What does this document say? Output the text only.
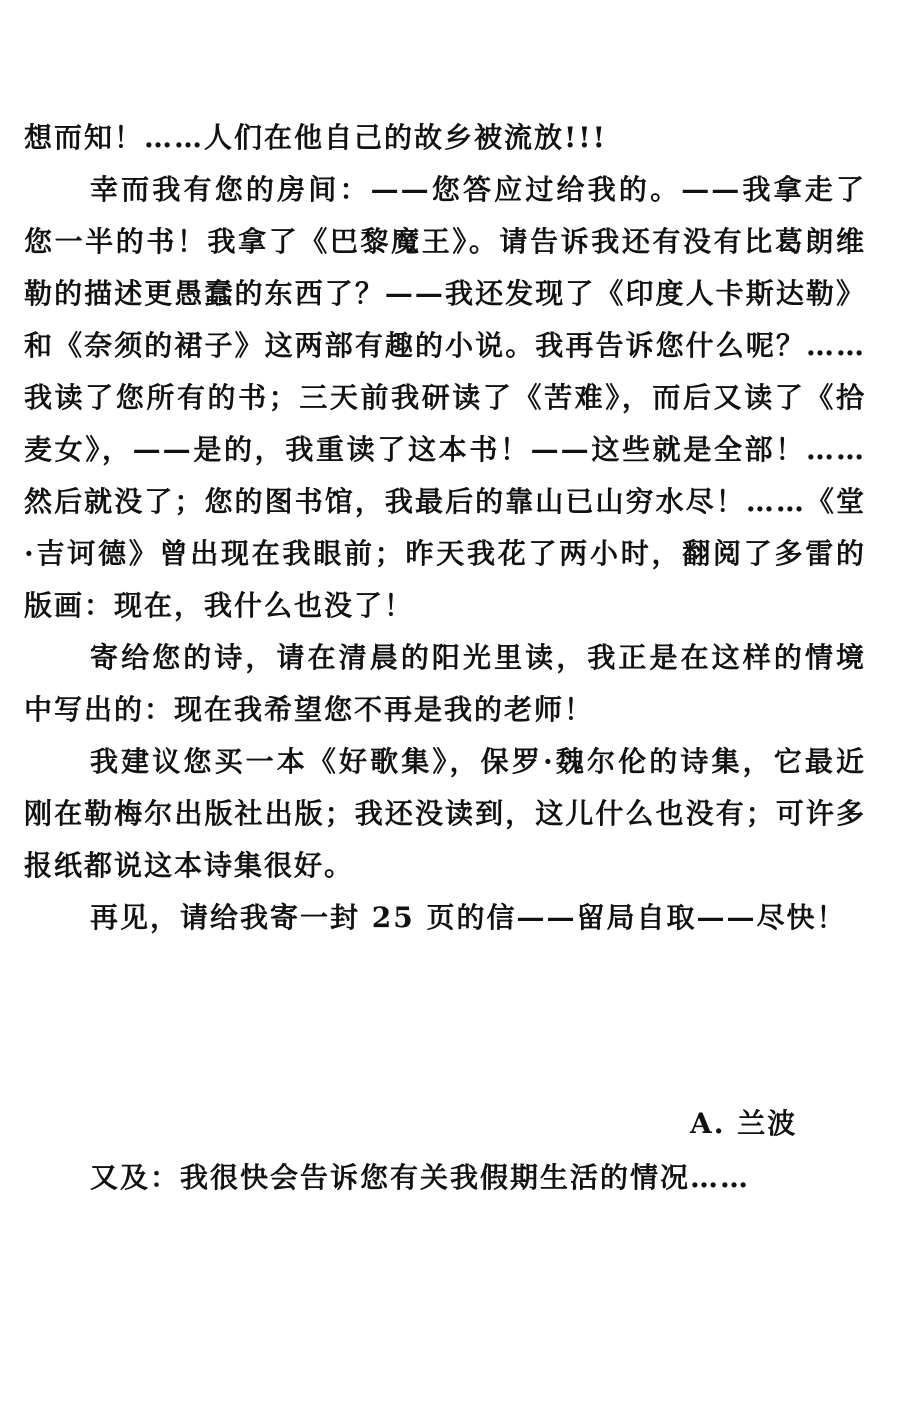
想而知！……人们在他自己的故乡被流放!!!

幸而我有您的房间：——您答应过给我的。——我拿走了您一半的书！我拿了《巴黎魔王》。请告诉我还有没有比葛朗维勒的描述更愚蠢的东西了？——我还发现了《印度人卡斯达勒》和《奈须的裙子》这两部有趣的小说。我再告诉您什么呢？……我读了您所有的书；三天前我研读了《苦难》，而后又读了《拾麦女》，——是的，我重读了这本书！——这些就是全部！……然后就没了；您的图书馆，我最后的靠山已山穷水尽！……《堂·吉诃德》曾出现在我眼前；昨天我花了两小时，翻阅了多雷的版画：现在，我什么也没了！

寄给您的诗，请在清晨的阳光里读，我正是在这样的情境中写出的：现在我希望您不再是我的老师！

我建议您买一本《好歌集》，保罗·魏尔伦的诗集，它最近刚在勒梅尔出版社出版；我还没读到，这儿什么也没有；可许多报纸都说这本诗集很好。

再见，请给我寄一封 25 页的信——留局自取——尽快！

A. 兰波
又及：我很快会告诉您有关我假期生活的情况……
